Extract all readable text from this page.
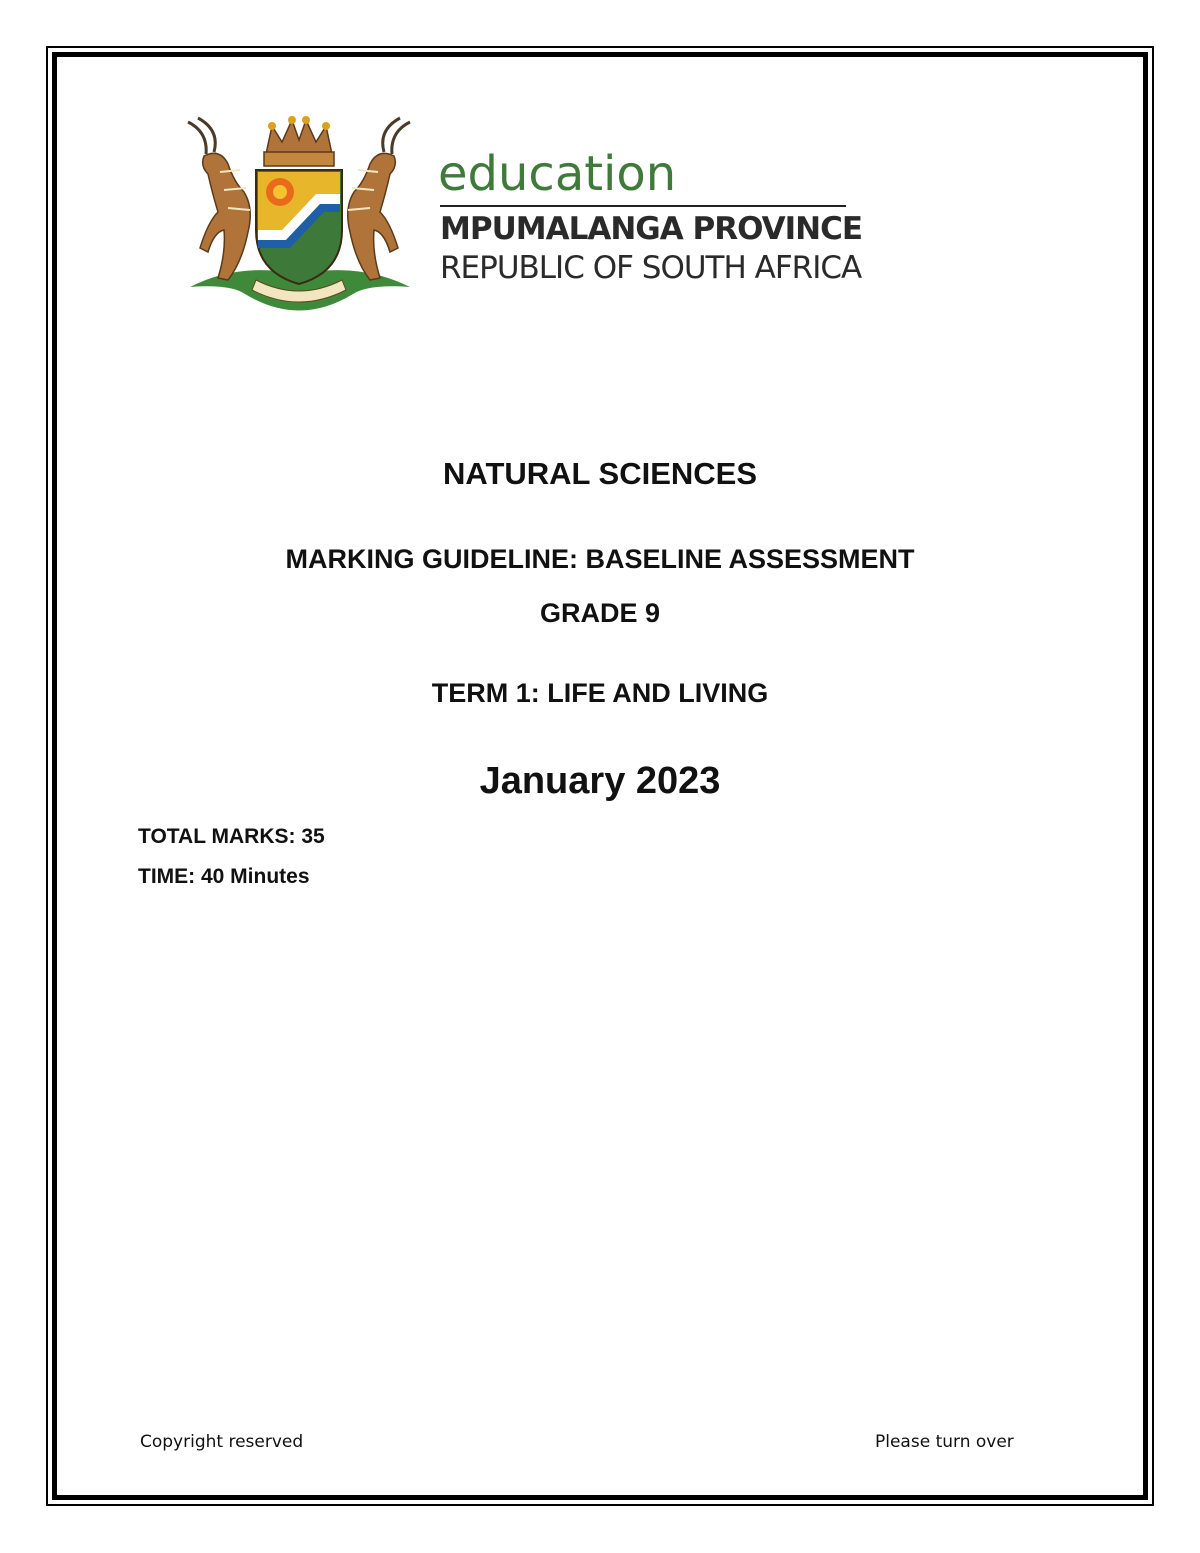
education
MPUMALANGA PROVINCE
REPUBLIC OF SOUTH AFRICA
NATURAL SCIENCES
MARKING GUIDELINE: BASELINE ASSESSMENT
GRADE 9
TERM 1: LIFE AND LIVING
January 2023
TOTAL MARKS: 35
TIME: 40 Minutes
Copyright reserved	Please turn over
